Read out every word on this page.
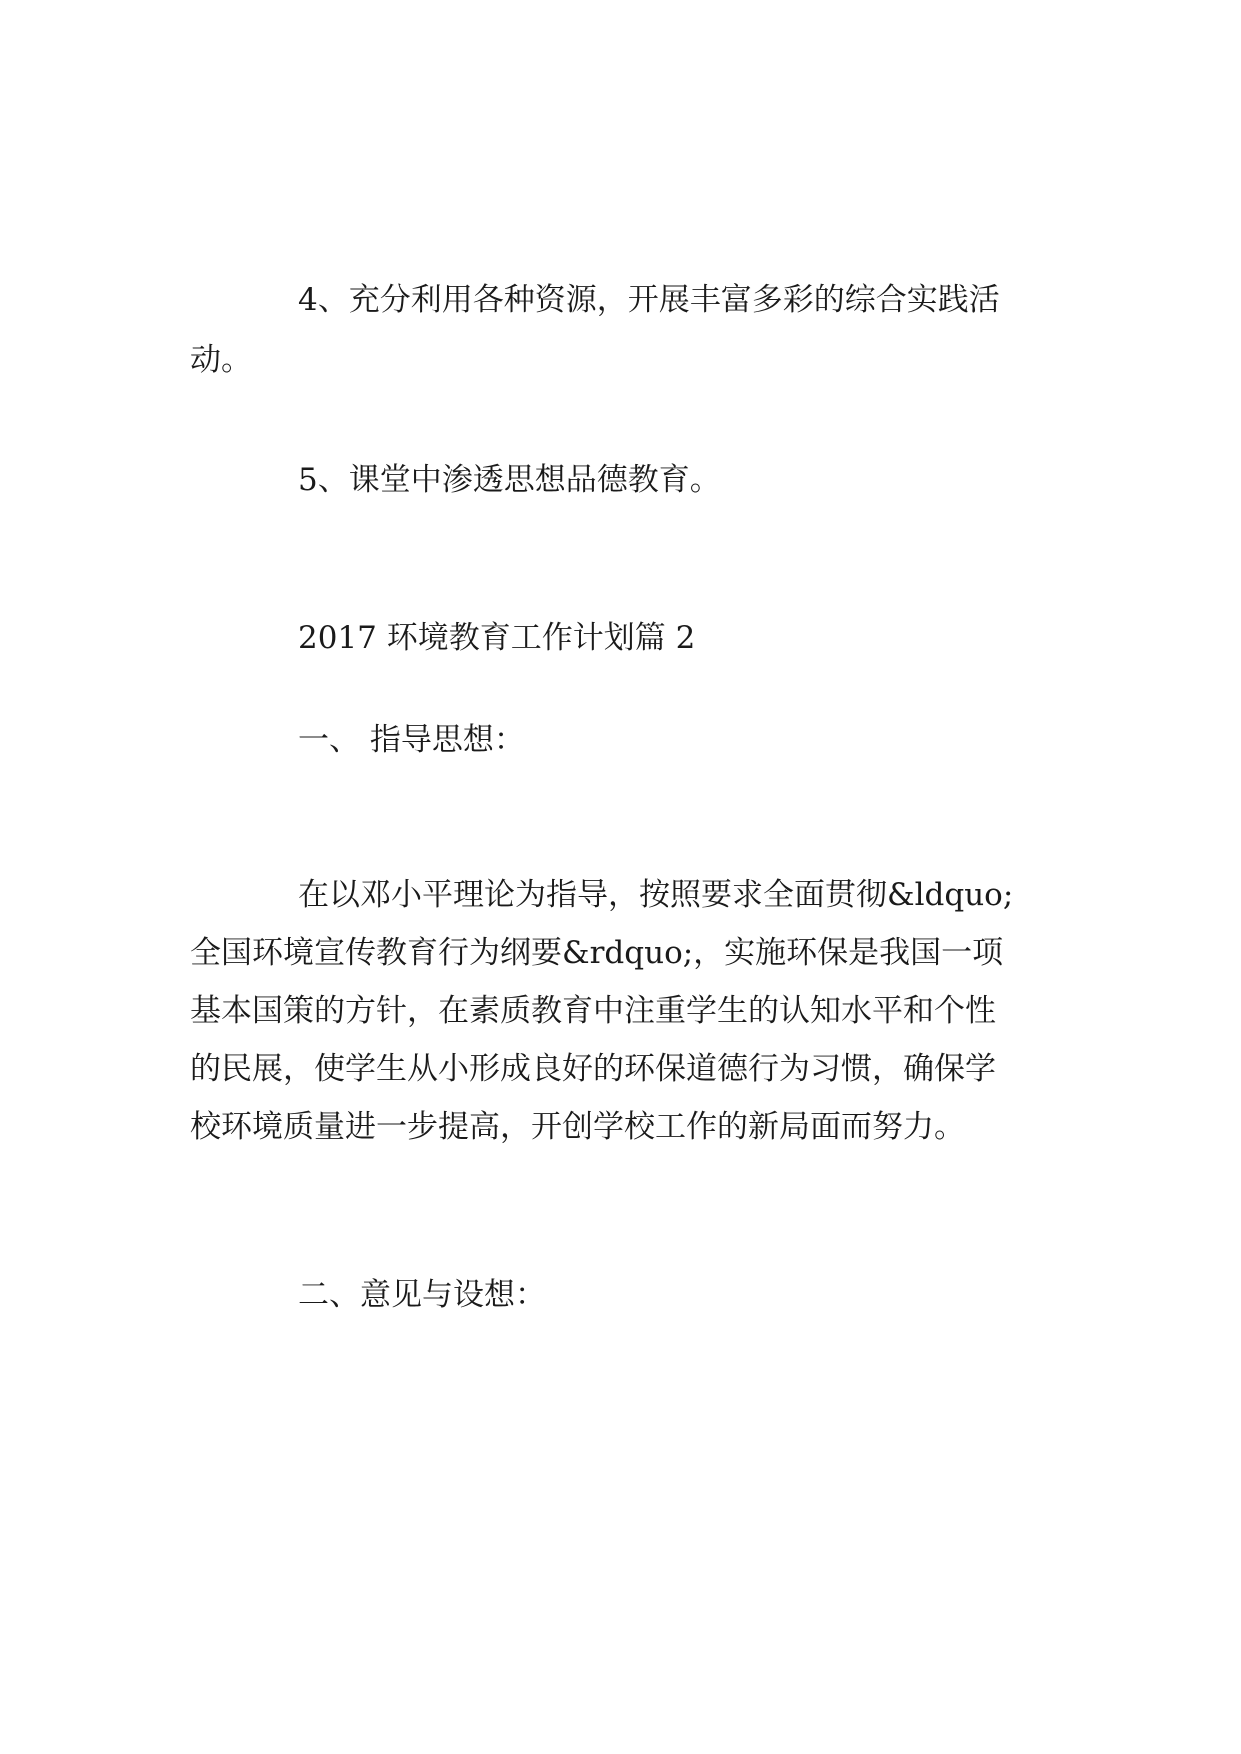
4、充分利用各种资源，开展丰富多彩的综合实践活
动。
5、课堂中渗透思想品德教育。
2017 环境教育工作计划篇 2
一、 指导思想：
在以邓小平理论为指导，按照要求全面贯彻&ldquo;
全国环境宣传教育行为纲要&rdquo;，实施环保是我国一项
基本国策的方针，在素质教育中注重学生的认知水平和个性
的民展，使学生从小形成良好的环保道德行为习惯，确保学
校环境质量进一步提高，开创学校工作的新局面而努力。
二、意见与设想：
